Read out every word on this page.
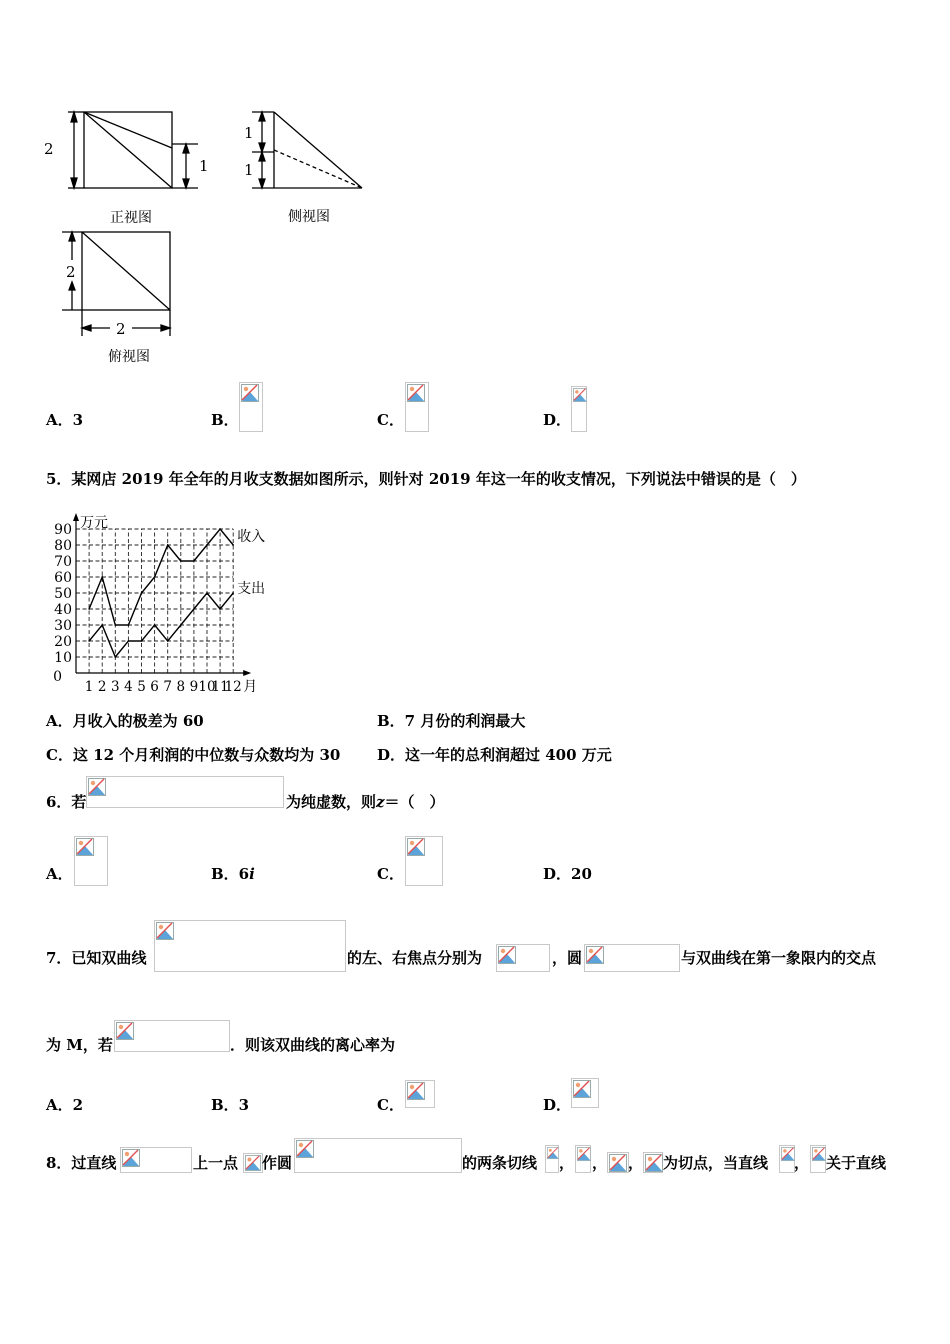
2
1
1
1
2
2
正视图	侧视图
俯视图
A．3	B．	C．	D．
5．某网店 2019 年全年的月收支数据如图所示，则针对 2019 年这一年的收支情况，下列说法中错误的是（　）
10
20
30
40
50
60
70
80
90
0
万元
1 2 3 4 5 6 7 8 9 10
11
12 月
收入
支出
A．月收入的极差为 60	B．7 月份的利润最大
C．这 12 个月利润的中位数与众数均为 30 D．这一年的总利润超过 400 万元
6．若	为纯虚数，则z＝（　）
A．	B．6i	C．	D．20
7．已知双曲线	的左、右焦点分别为	，圆	与双曲线在第一象限内的交点
为 M，若	．则该双曲线的离心率为
A．2	B．3	C．	D．
8．过直线	上一点 作圆	的两条切线 ， ， ， 为切点，当直线 ， 关于直线
